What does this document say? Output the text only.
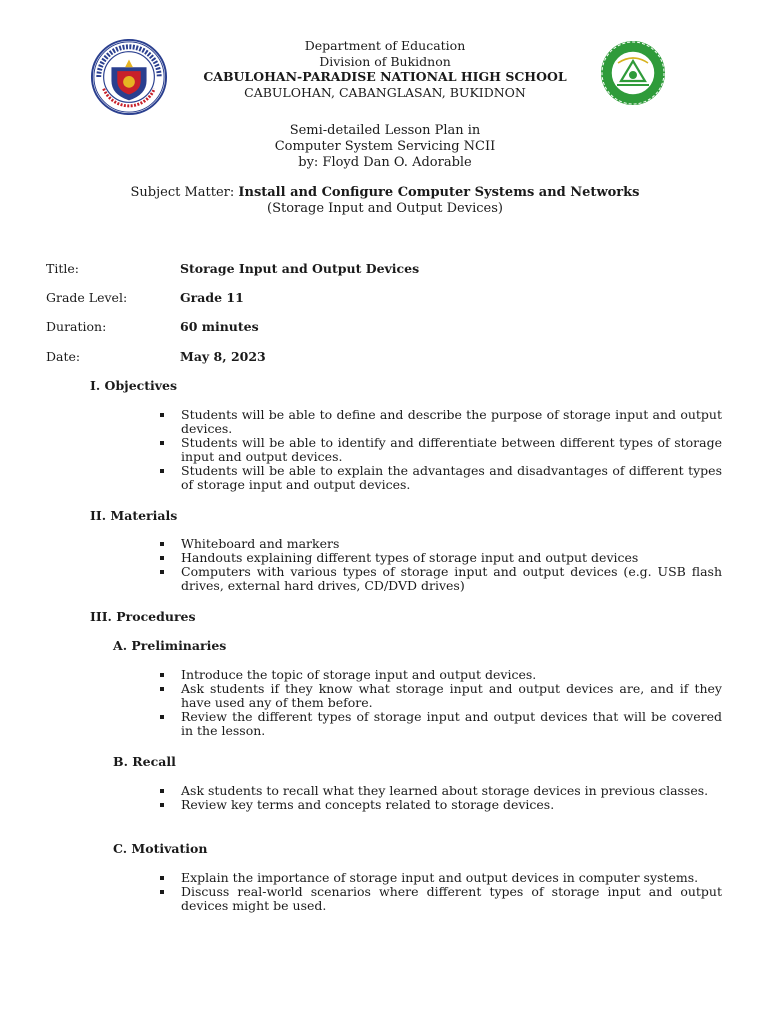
Department of Education
Division of Bukidnon
CABULOHAN-PARADISE NATIONAL HIGH SCHOOL
CABULOHAN, CABANGLASAN, BUKIDNON
Semi-detailed Lesson Plan in
Computer System Servicing NCII
by: Floyd Dan O. Adorable
Subject Matter: Install and Configure Computer Systems and Networks
(Storage Input and Output Devices)
Title:	Storage Input and Output Devices
Grade Level:	Grade 11
Duration:	60 minutes
Date:	May 8, 2023
I. Objectives
Students will be able to define and describe the purpose of storage input and output devices.
Students will be able to identify and differentiate between different types of storage input and output devices.
Students will be able to explain the advantages and disadvantages of different types of storage input and output devices.
II. Materials
Whiteboard and markers
Handouts explaining different types of storage input and output devices
Computers with various types of storage input and output devices (e.g. USB flash drives, external hard drives, CD/DVD drives)
III. Procedures
A. Preliminaries
Introduce the topic of storage input and output devices.
Ask students if they know what storage input and output devices are, and if they have used any of them before.
Review the different types of storage input and output devices that will be covered in the lesson.
B. Recall
Ask students to recall what they learned about storage devices in previous classes.
Review key terms and concepts related to storage devices.
C. Motivation
Explain the importance of storage input and output devices in computer systems.
Discuss real-world scenarios where different types of storage input and output devices might be used.
